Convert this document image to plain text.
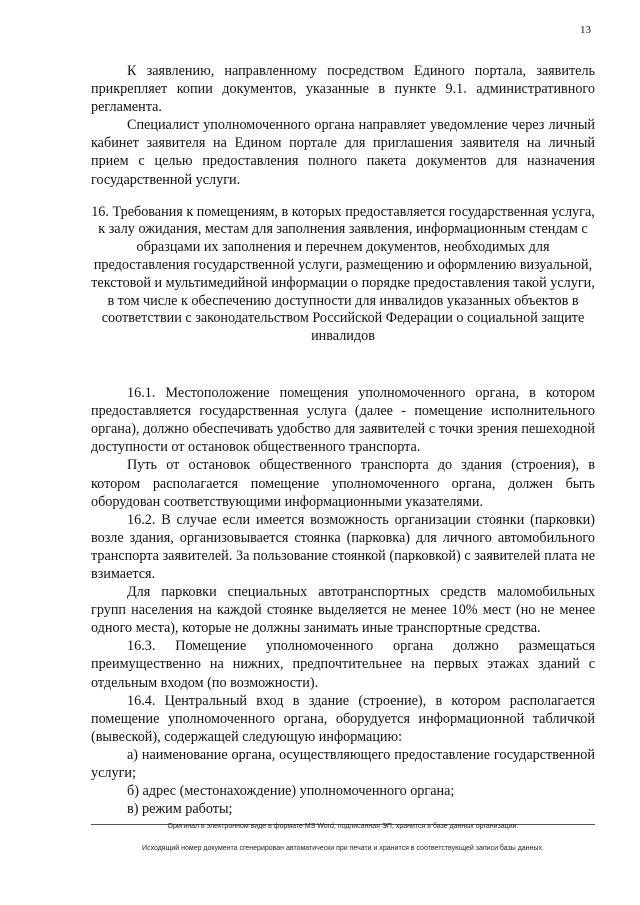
13

К заявлению, направленному посредством Единого портала, заявитель прикрепляет копии документов, указанные в пункте 9.1. административного регламента.

Специалист уполномоченного органа направляет уведомление через личный кабинет заявителя на Едином портале для приглашения заявителя на личный прием с целью предоставления полного пакета документов для назначения государственной услуги.

16. Требования к помещениям, в которых предоставляется государственная услуга, к залу ожидания, местам для заполнения заявления, информационным стендам с образцами их заполнения и перечнем документов, необходимых для предоставления государственной услуги, размещению и оформлению визуальной, текстовой и мультимедийной информации о порядке предоставления такой услуги, в том числе к обеспечению доступности для инвалидов указанных объектов в соответствии с законодательством Российской Федерации о социальной защите инвалидов

16.1. Местоположение помещения уполномоченного органа, в котором предоставляется государственная услуга (далее - помещение исполнительного органа), должно обеспечивать удобство для заявителей с точки зрения пешеходной доступности от остановок общественного транспорта.

Путь от остановок общественного транспорта до здания (строения), в котором располагается помещение уполномоченного органа, должен быть оборудован соответствующими информационными указателями.

16.2. В случае если имеется возможность организации стоянки (парковки) возле здания, организовывается стоянка (парковка) для личного автомобильного транспорта заявителей. За пользование стоянкой (парковкой) с заявителей плата не взимается.

Для парковки специальных автотранспортных средств маломобильных групп населения на каждой стоянке выделяется не менее 10% мест (но не менее одного места), которые не должны занимать иные транспортные средства.

16.3. Помещение уполномоченного органа должно размещаться преимущественно на нижних, предпочтительнее на первых этажах зданий с отдельным входом (по возможности).

16.4. Центральный вход в здание (строение), в котором располагается помещение уполномоченного органа, оборудуется информационной табличкой (вывеской), содержащей следующую информацию:

а) наименование органа, осуществляющего предоставление государственной услуги;

б) адрес (местонахождение) уполномоченного органа;

в) режим работы;

Оригинал в электронном виде в формате MS Word, подписанная ЭП, хранится в базе данных организации.
Исходящий номер документа сгенерирован автоматически при печати и хранится в соответствующей записи базы данных.
